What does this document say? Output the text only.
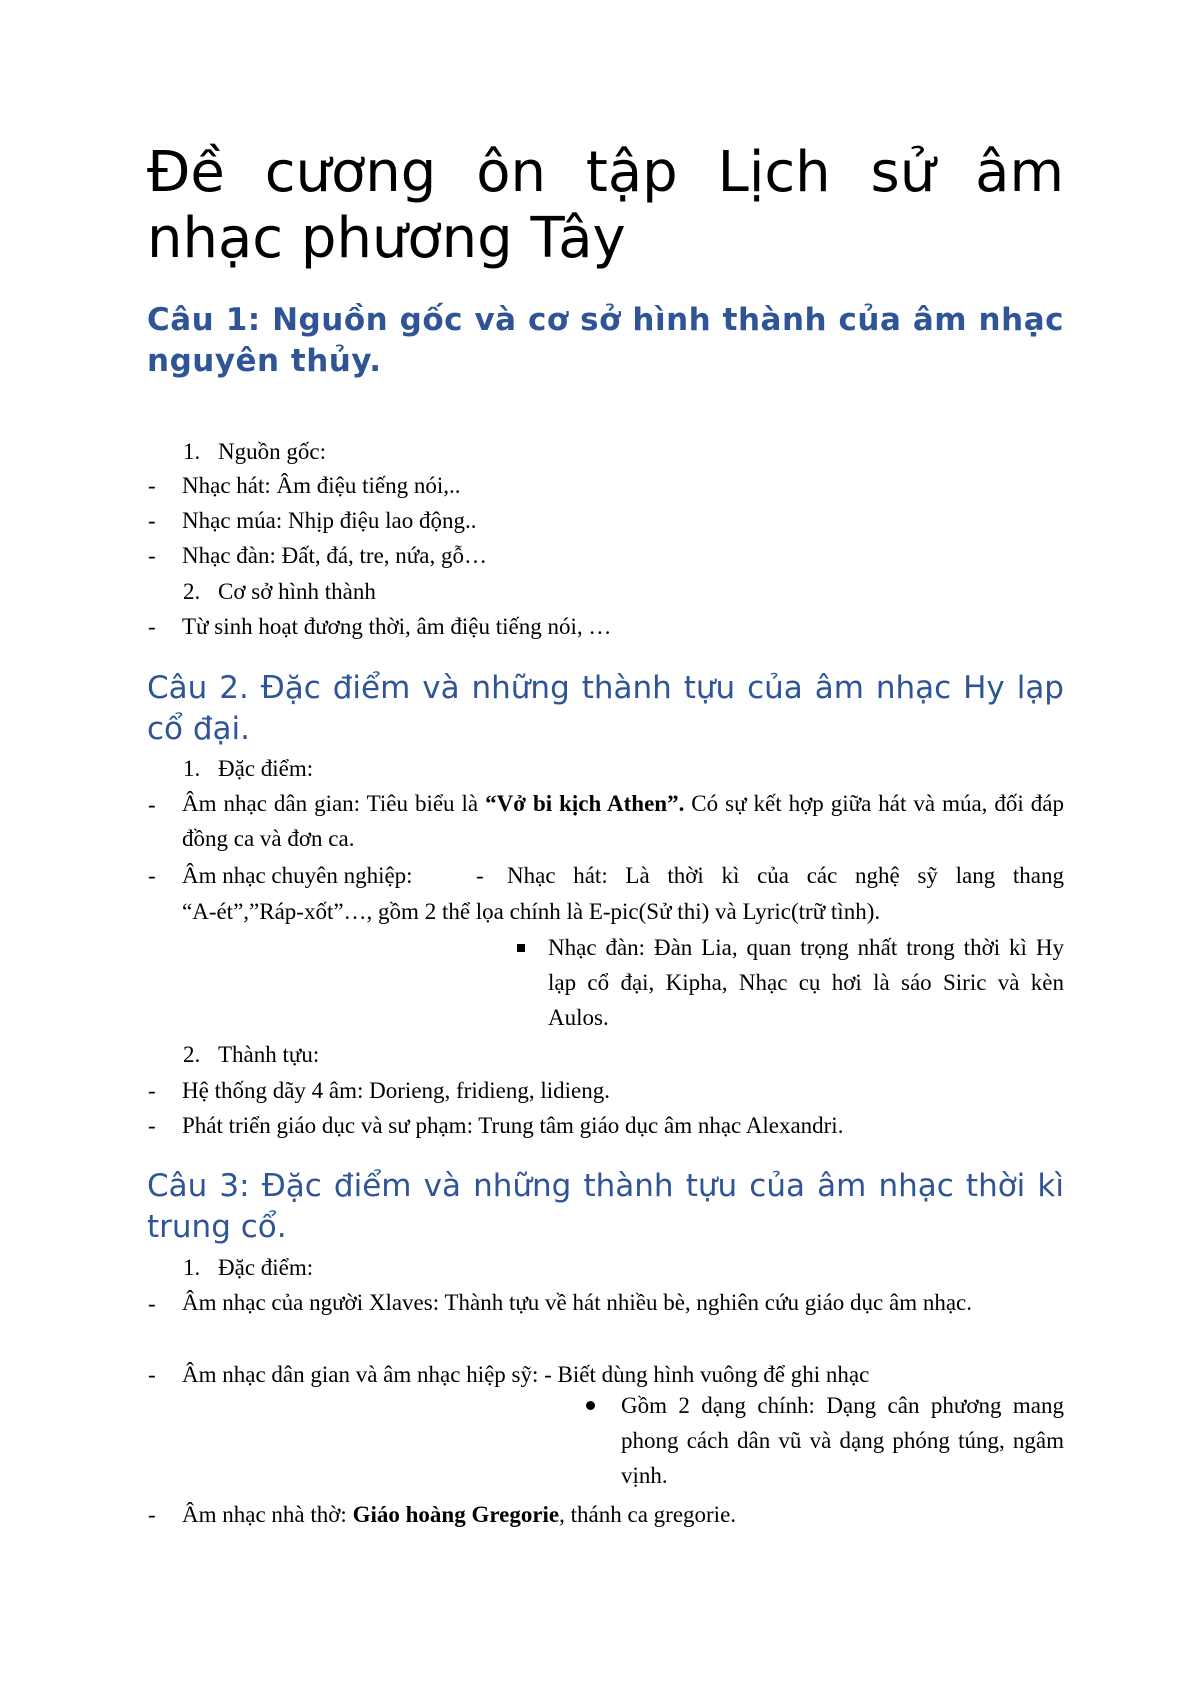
Đề cương ôn tập Lịch sử âm nhạc phương Tây
Câu 1: Nguồn gốc và cơ sở hình thành của âm nhạc nguyên thủy.
1. Nguồn gốc:
- Nhạc hát: Âm điệu tiếng nói,..
- Nhạc múa: Nhịp điệu lao động..
- Nhạc đàn: Đất, đá, tre, nứa, gỗ…
2. Cơ sở hình thành
- Từ sinh hoạt đương thời, âm điệu tiếng nói, …
Câu 2. Đặc điểm và những thành tựu của âm nhạc Hy lạp cổ đại.
1. Đặc điểm:
- Âm nhạc dân gian: Tiêu biểu là “Vở bi kịch Athen”. Có sự kết hợp giữa hát và múa, đối đáp đồng ca và đơn ca.
- Âm nhạc chuyên nghiệp:	- Nhạc hát: Là thời kì của các nghệ sỹ lang thang
“A-ét”,”Ráp-xốt”…, gồm 2 thể lọa chính là E-pic(Sử thi) và Lyric(trữ tình).
Nhạc đàn: Đàn Lia, quan trọng nhất trong thời kì Hy lạp cổ đại, Kipha, Nhạc cụ hơi là sáo Siric và kèn Aulos.
2. Thành tựu:
- Hệ thống dãy 4 âm: Dorieng, fridieng, lidieng.
- Phát triển giáo dục và sư phạm: Trung tâm giáo dục âm nhạc Alexandri.
Câu 3: Đặc điểm và những thành tựu của âm nhạc thời kì trung cổ.
1. Đặc điểm:
- Âm nhạc của người Xlaves: Thành tựu về hát nhiều bè, nghiên cứu giáo dục âm nhạc.
- Âm nhạc dân gian và âm nhạc hiệp sỹ: - Biết dùng hình vuông để ghi nhạc
Gồm 2 dạng chính: Dạng cân phương mang phong cách dân vũ và dạng phóng túng, ngâm vịnh.
- Âm nhạc nhà thờ: Giáo hoàng Gregorie, thánh ca gregorie.
